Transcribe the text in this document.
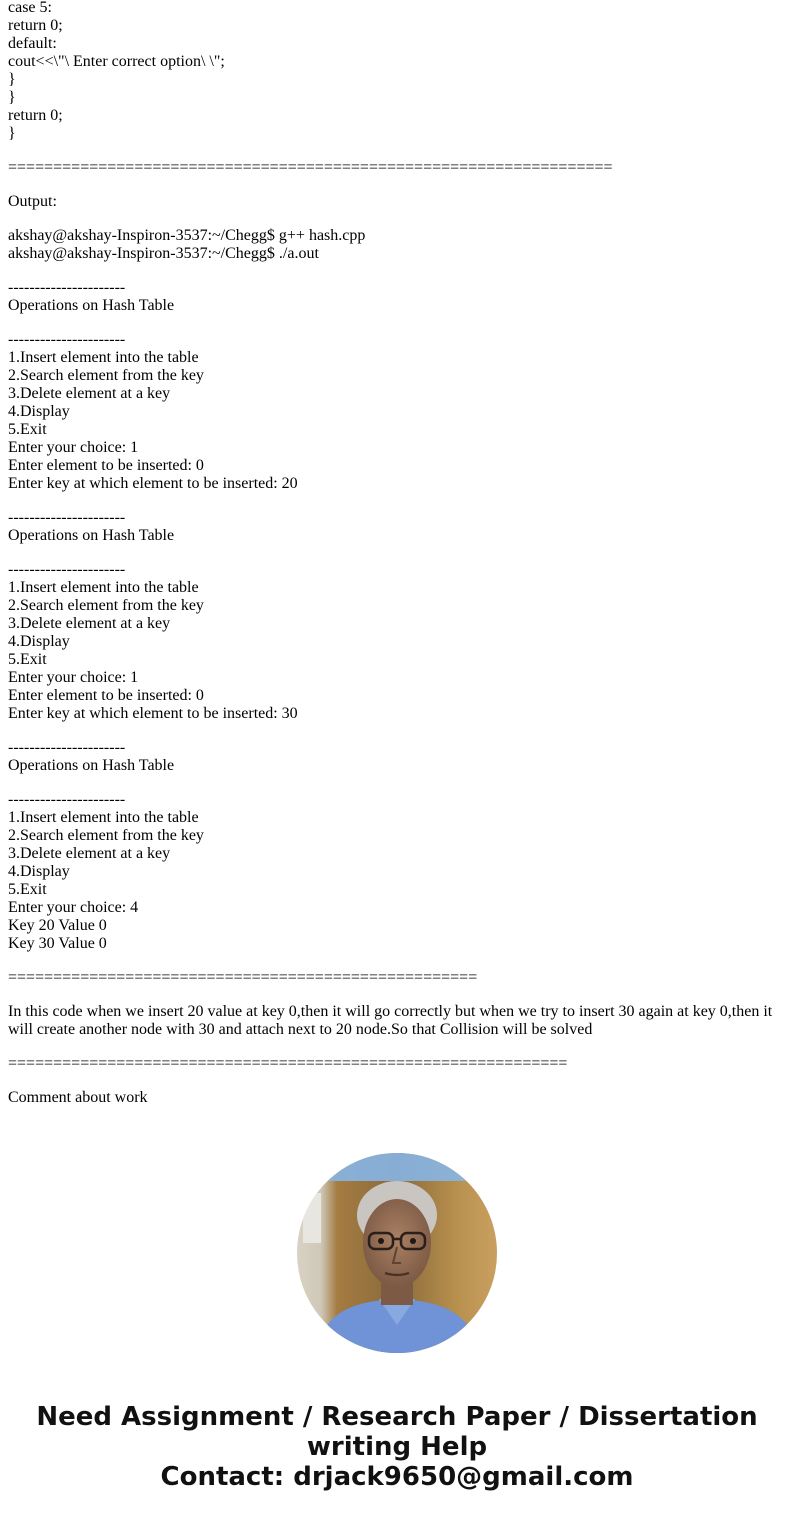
case 5:
return 0;
default:
cout<<\"\ Enter correct option\ \";
}
}
return 0;
}
===================================================================
Output:
akshay@akshay-Inspiron-3537:~/Chegg$ g++ hash.cpp
akshay@akshay-Inspiron-3537:~/Chegg$ ./a.out
----------------------
Operations on Hash Table
----------------------
1.Insert element into the table
2.Search element from the key
3.Delete element at a key
4.Display
5.Exit
Enter your choice: 1
Enter element to be inserted: 0
Enter key at which element to be inserted: 20
----------------------
Operations on Hash Table
----------------------
1.Insert element into the table
2.Search element from the key
3.Delete element at a key
4.Display
5.Exit
Enter your choice: 1
Enter element to be inserted: 0
Enter key at which element to be inserted: 30
----------------------
Operations on Hash Table
----------------------
1.Insert element into the table
2.Search element from the key
3.Delete element at a key
4.Display
5.Exit
Enter your choice: 4
Key 20 Value 0
Key 30 Value 0
====================================================
In this code when we insert 20 value at key 0,then it will go correctly but when we try to insert 30 again at key 0,then it will create another node with 30 and attach next to 20 node.So that Collision will be solved
==============================================================
Comment about work
Need Assignment / Research Paper / Dissertation
writing Help
Contact: drjack9650@gmail.com
